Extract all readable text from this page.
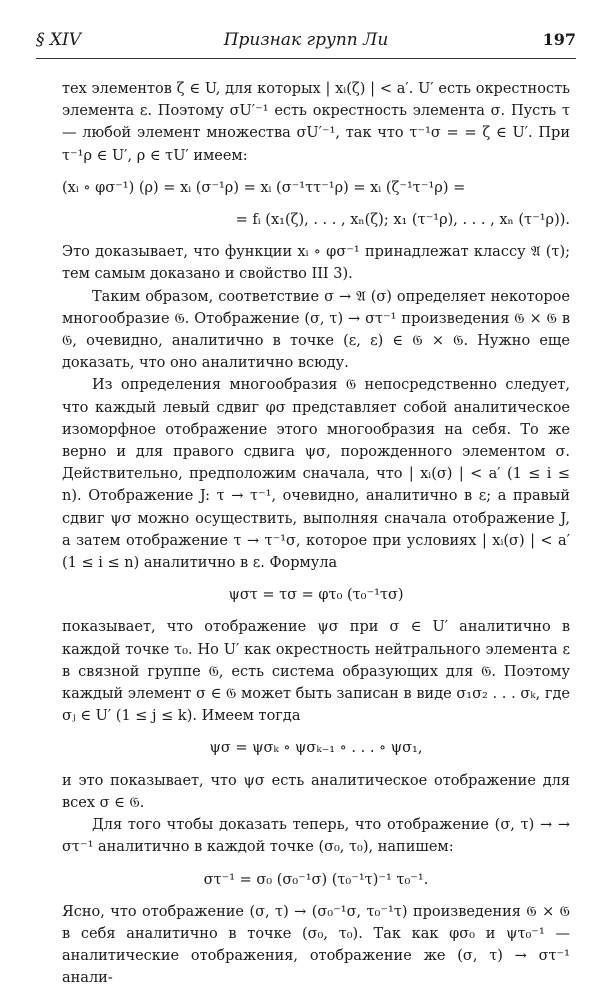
§ XIV	Признак групп Ли	197
тех элементов ζ ∈ U, для которых | xᵢ(ζ) | < a′. U′ есть окрестность элемента ε. Поэтому σU′⁻¹ есть окрестность элемента σ. Пусть τ — любой элемент множества σU′⁻¹, так что τ⁻¹σ = = ζ ∈ U′. При τ⁻¹ρ ∈ U′, ρ ∈ τU′ имеем:
(xᵢ ∘ φσ⁻¹) (ρ) = xᵢ (σ⁻¹ρ) = xᵢ (σ⁻¹ττ⁻¹ρ) = xᵢ (ζ⁻¹τ⁻¹ρ) =
= fᵢ (x₁(ζ), . . . , xₙ(ζ); x₁ (τ⁻¹ρ), . . . , xₙ (τ⁻¹ρ)).
Это доказывает, что функции xᵢ ∘ φσ⁻¹ принадлежат классу 𝔄 (τ); тем самым доказано и свойство III 3).
Таким образом, соответствие σ → 𝔄 (σ) определяет некоторое многообразие 𝔊. Отображение (σ, τ) → στ⁻¹ произведения 𝔊 × 𝔊 в 𝔊, очевидно, аналитично в точке (ε, ε) ∈ 𝔊 × 𝔊. Нужно еще доказать, что оно аналитично всюду.
Из определения многообразия 𝔊 непосредственно следует, что каждый левый сдвиг φσ представляет собой аналитическое изоморфное отображение этого многообразия на себя. То же верно и для правого сдвига ψσ, порожденного элементом σ. Действительно, предположим сначала, что | xᵢ(σ) | < a′ (1 ≤ i ≤ n). Отображение J: τ → τ⁻¹, очевидно, аналитично в ε; а правый сдвиг ψσ можно осуществить, выполняя сначала отображение J, а затем отображение τ → τ⁻¹σ, которое при условиях | xᵢ(σ) | < a′ (1 ≤ i ≤ n) аналитично в ε. Формула
ψστ = τσ = φτ₀ (τ₀⁻¹τσ)
показывает, что отображение ψσ при σ ∈ U′ аналитично в каждой точке τ₀. Но U′ как окрестность нейтрального элемента ε в связной группе 𝔊, есть система образующих для 𝔊. Поэтому каждый элемент σ ∈ 𝔊 может быть записан в виде σ₁σ₂ . . . σₖ, где σⱼ ∈ U′ (1 ≤ j ≤ k). Имеем тогда
ψσ = ψσₖ ∘ ψσₖ₋₁ ∘ . . . ∘ ψσ₁,
и это показывает, что ψσ есть аналитическое отображение для всех σ ∈ 𝔊.
Для того чтобы доказать теперь, что отображение (σ, τ) → → στ⁻¹ аналитично в каждой точке (σ₀, τ₀), напишем:
στ⁻¹ = σ₀ (σ₀⁻¹σ) (τ₀⁻¹τ)⁻¹ τ₀⁻¹.
Ясно, что отображение (σ, τ) → (σ₀⁻¹σ, τ₀⁻¹τ) произведения 𝔊 × 𝔊 в себя аналитично в точке (σ₀, τ₀). Так как φσ₀ и ψτ₀⁻¹ — аналитические отображения, отображение же (σ, τ) → στ⁻¹ анали-
